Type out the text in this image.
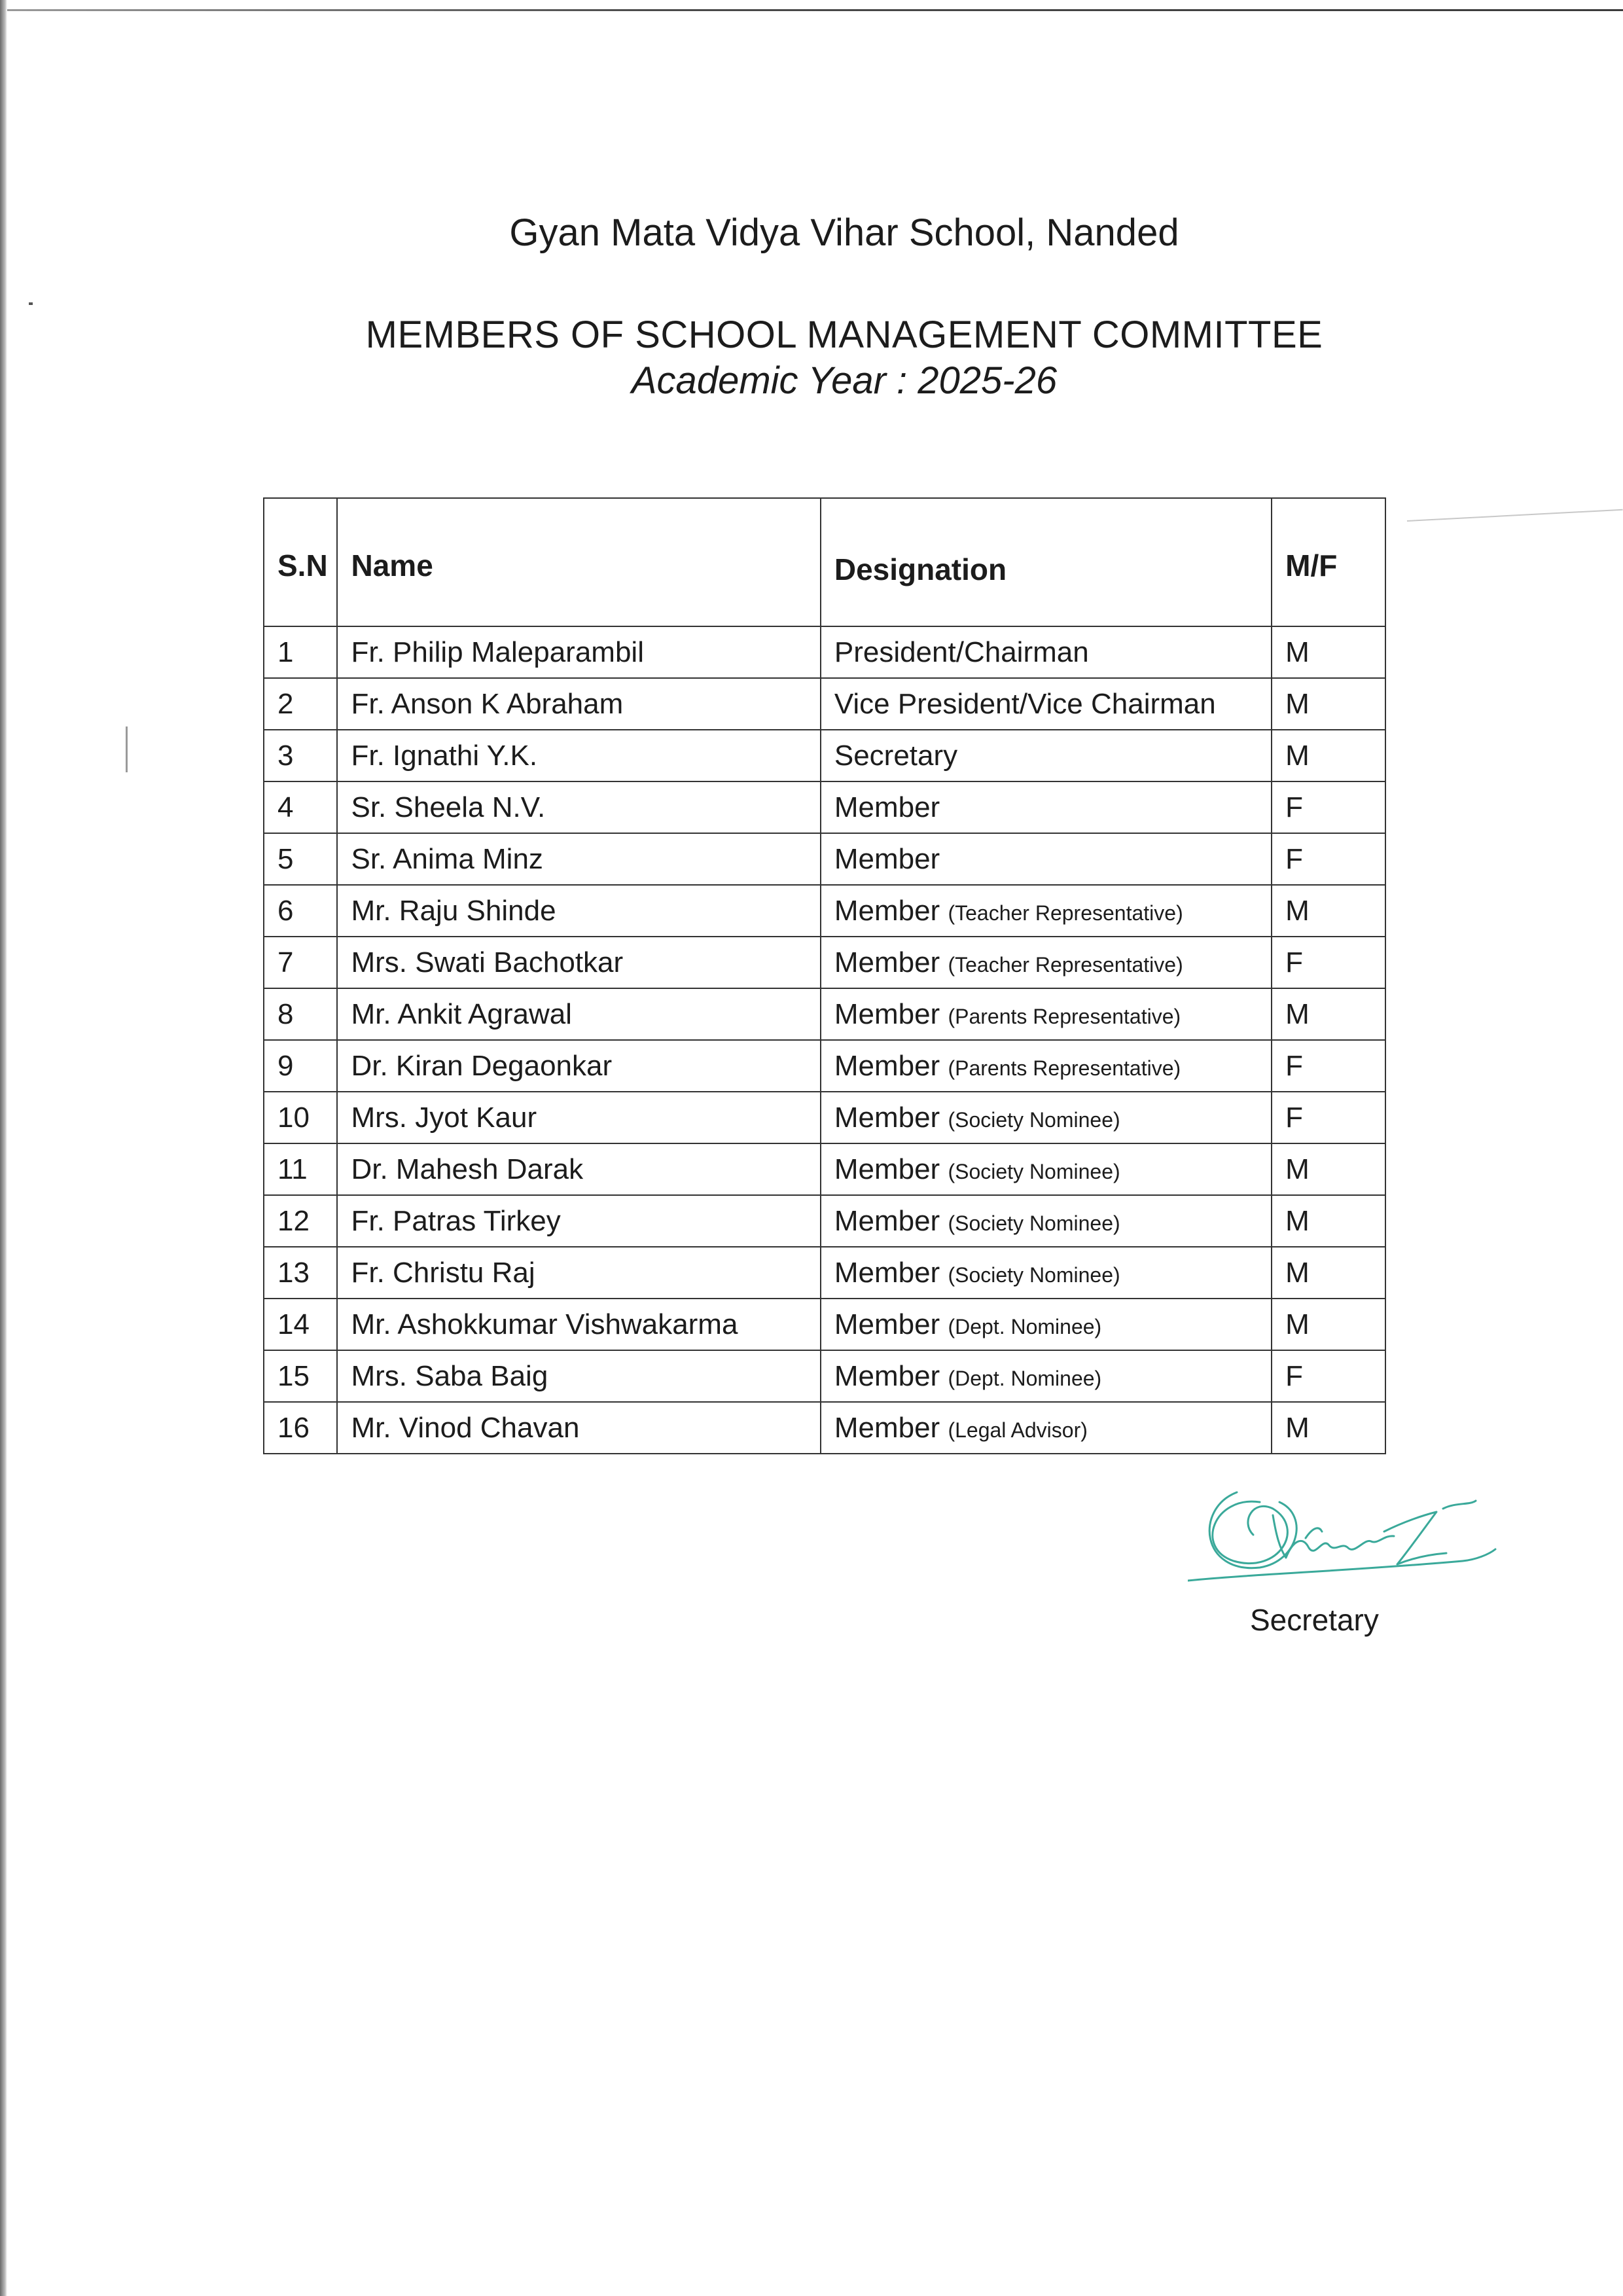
Gyan Mata Vidya Vihar School, Nanded
MEMBERS OF SCHOOL MANAGEMENT COMMITTEE
Academic Year : 2025-26
S.N	Name	Designation	M/F
1	Fr. Philip Maleparambil	President/Chairman	M
2	Fr. Anson K Abraham	Vice President/Vice Chairman	M
3	Fr. Ignathi Y.K.	Secretary	M
4	Sr. Sheela N.V.	Member	F
5	Sr. Anima Minz	Member	F
6	Mr. Raju Shinde	Member (Teacher Representative)	M
7	Mrs. Swati Bachotkar	Member (Teacher Representative)	F
8	Mr. Ankit Agrawal	Member (Parents Representative)	M
9	Dr. Kiran Degaonkar	Member (Parents Representative)	F
10	Mrs. Jyot Kaur	Member (Society Nominee)	F
11	Dr. Mahesh Darak	Member (Society Nominee)	M
12	Fr. Patras Tirkey	Member (Society Nominee)	M
13	Fr. Christu Raj	Member (Society Nominee)	M
14	Mr. Ashokkumar Vishwakarma	Member (Dept. Nominee)	M
15	Mrs. Saba Baig	Member (Dept. Nominee)	F
16	Mr. Vinod Chavan	Member (Legal Advisor)	M
Secretary
